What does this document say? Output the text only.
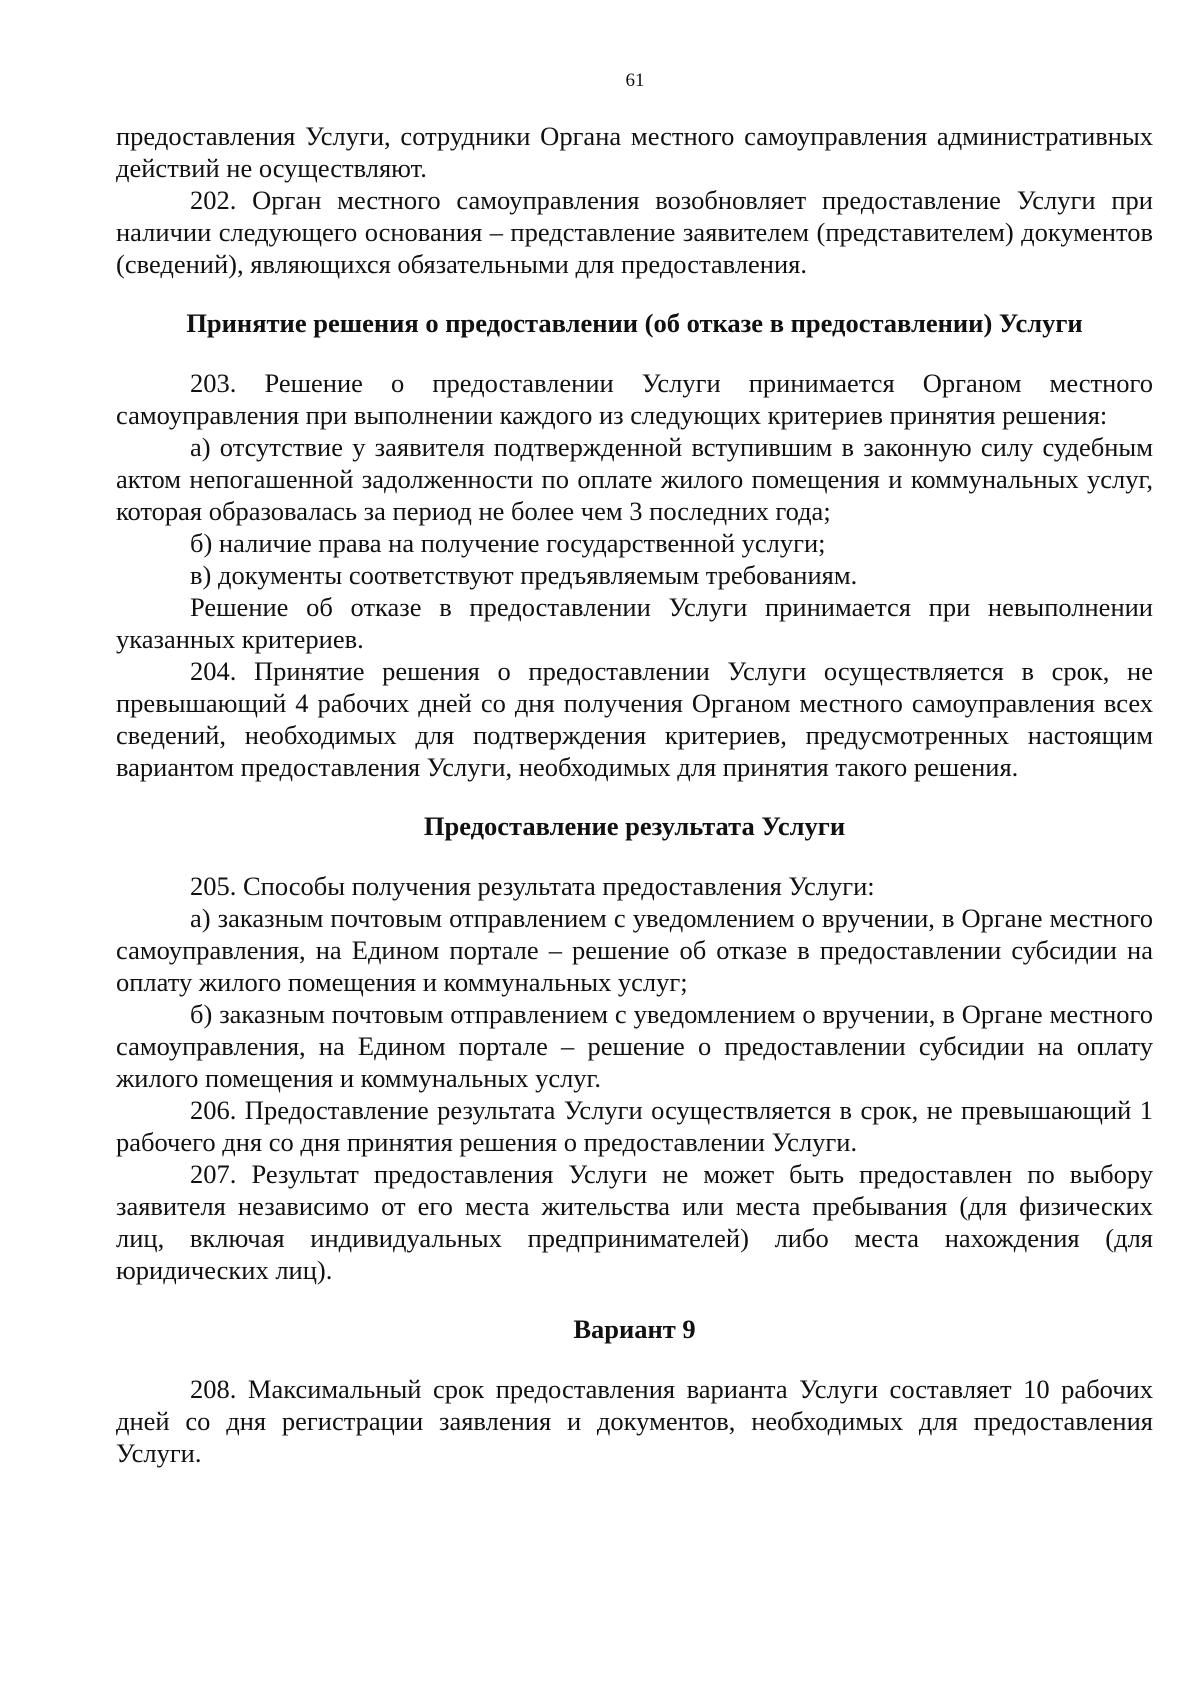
61

предоставления Услуги, сотрудники Органа местного самоуправления административных действий не осуществляют.

202. Орган местного самоуправления возобновляет предоставление Услуги при наличии следующего основания – представление заявителем (представителем) документов (сведений), являющихся обязательными для предоставления.

Принятие решения о предоставлении (об отказе в предоставлении) Услуги

203. Решение о предоставлении Услуги принимается Органом местного самоуправления при выполнении каждого из следующих критериев принятия решения:

а) отсутствие у заявителя подтвержденной вступившим в законную силу судебным актом непогашенной задолженности по оплате жилого помещения и коммунальных услуг, которая образовалась за период не более чем 3 последних года;

б) наличие права на получение государственной услуги;

в) документы соответствуют предъявляемым требованиям.

Решение об отказе в предоставлении Услуги принимается при невыполнении указанных критериев.

204. Принятие решения о предоставлении Услуги осуществляется в срок, не превышающий 4 рабочих дней со дня получения Органом местного самоуправления всех сведений, необходимых для подтверждения критериев, предусмотренных настоящим вариантом предоставления Услуги, необходимых для принятия такого решения.

Предоставление результата Услуги

205. Способы получения результата предоставления Услуги:

а) заказным почтовым отправлением с уведомлением о вручении, в Органе местного самоуправления, на Едином портале – решение об отказе в предоставлении субсидии на оплату жилого помещения и коммунальных услуг;

б) заказным почтовым отправлением с уведомлением о вручении, в Органе местного самоуправления, на Едином портале – решение о предоставлении субсидии на оплату жилого помещения и коммунальных услуг.

206. Предоставление результата Услуги осуществляется в срок, не превышающий 1 рабочего дня со дня принятия решения о предоставлении Услуги.

207. Результат предоставления Услуги не может быть предоставлен по выбору заявителя независимо от его места жительства или места пребывания (для физических лиц, включая индивидуальных предпринимателей) либо места нахождения (для юридических лиц).

Вариант 9

208. Максимальный срок предоставления варианта Услуги составляет 10 рабочих дней со дня регистрации заявления и документов, необходимых для предоставления Услуги.
